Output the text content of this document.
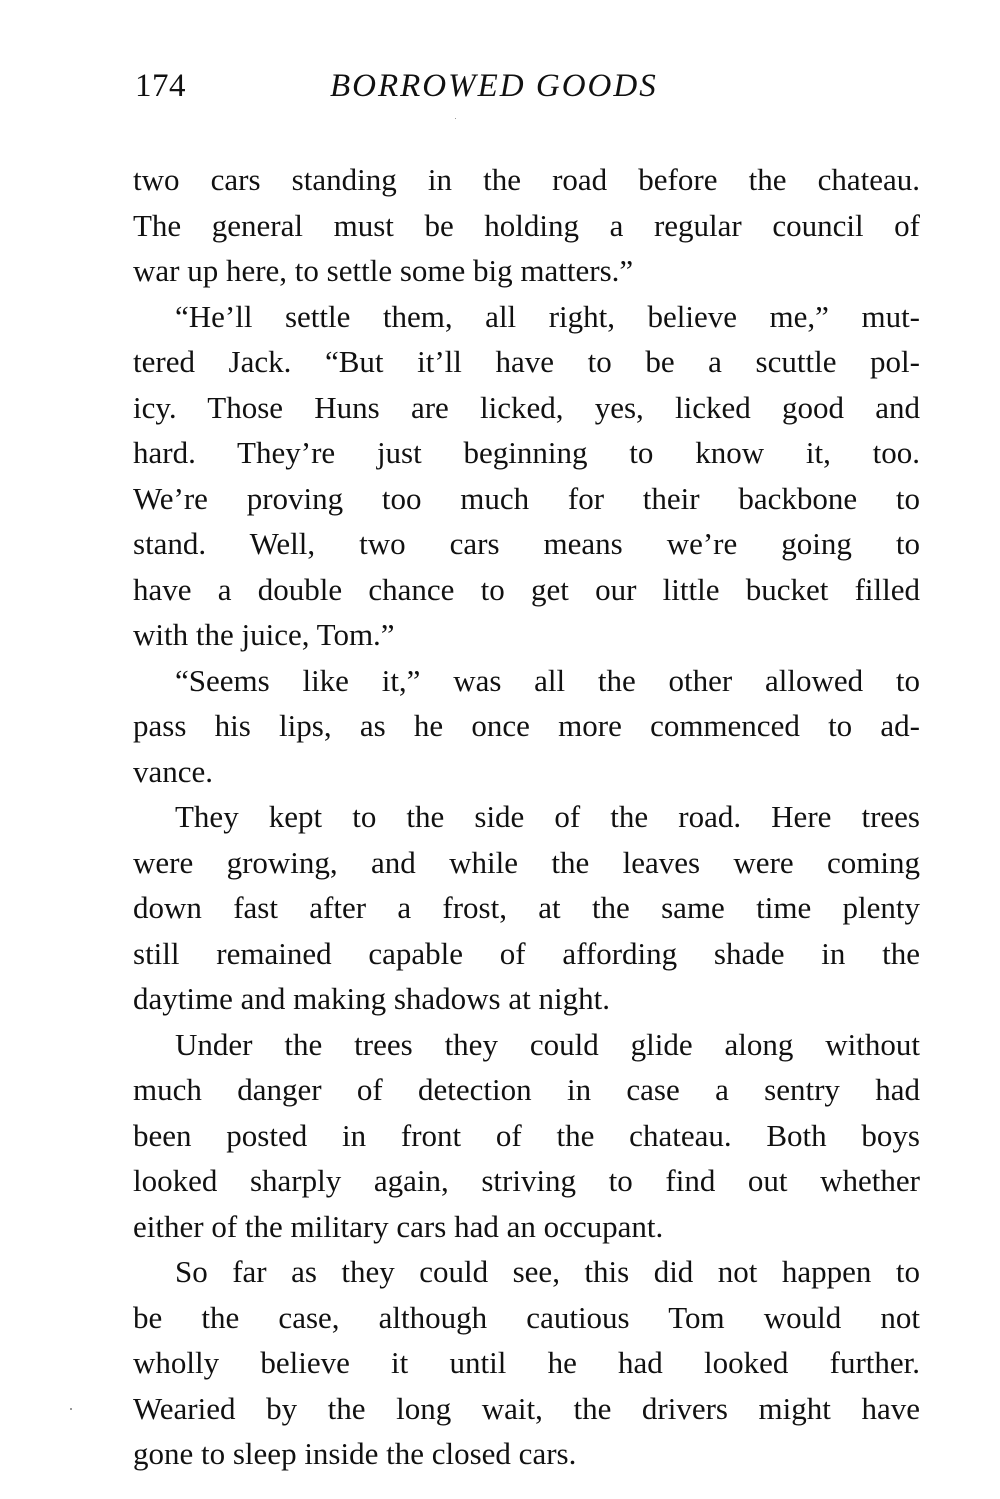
174	BORROWED GOODS
two cars standing in the road before the chateau.
The general must be holding a regular council of
war up here, to settle some big matters.”
“He’ll settle them, all right, believe me,” mut-
tered Jack. “But it’ll have to be a scuttle pol-
icy. Those Huns are licked, yes, licked good and
hard. They’re just beginning to know it, too.
We’re proving too much for their backbone to
stand. Well, two cars means we’re going to
have a double chance to get our little bucket filled
with the juice, Tom.”
“Seems like it,” was all the other allowed to
pass his lips, as he once more commenced to ad-
vance.
They kept to the side of the road. Here trees
were growing, and while the leaves were coming
down fast after a frost, at the same time plenty
still remained capable of affording shade in the
daytime and making shadows at night.
Under the trees they could glide along without
much danger of detection in case a sentry had
been posted in front of the chateau. Both boys
looked sharply again, striving to find out whether
either of the military cars had an occupant.
So far as they could see, this did not happen to
be the case, although cautious Tom would not
wholly believe it until he had looked further.
Wearied by the long wait, the drivers might have
gone to sleep inside the closed cars.
